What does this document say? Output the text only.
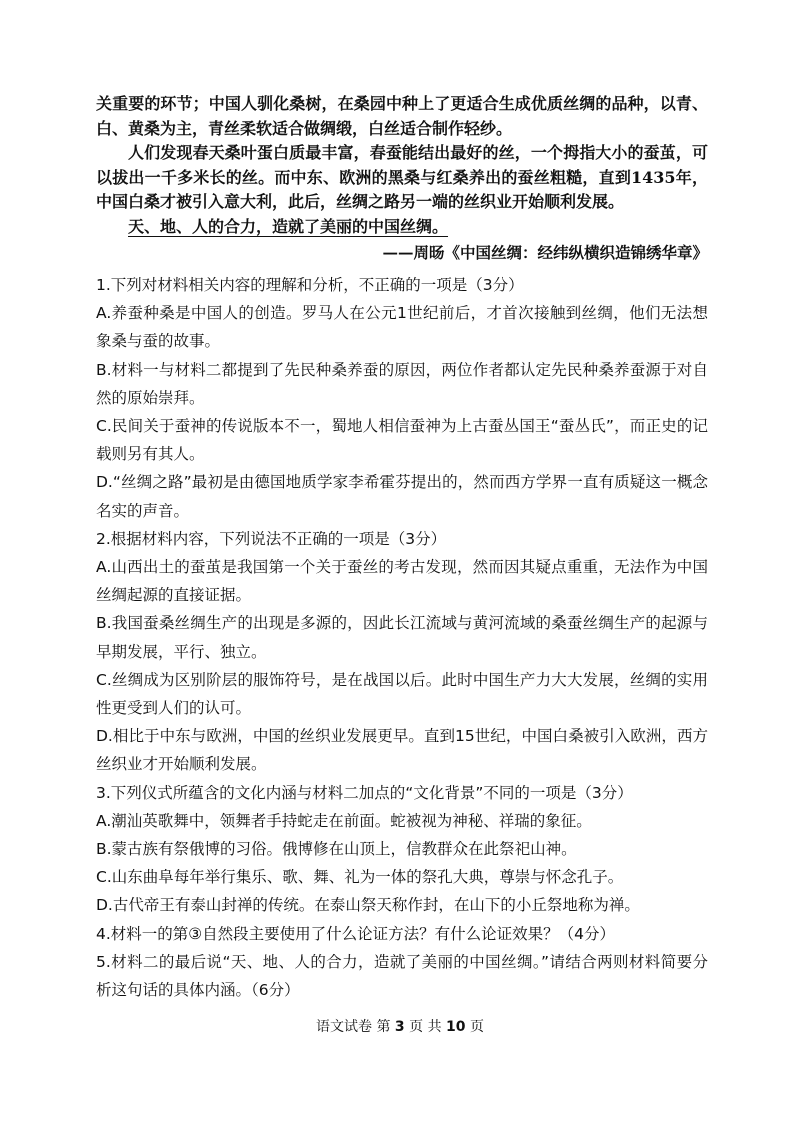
关重要的环节；中国人驯化桑树，在桑园中种上了更适合生成优质丝绸的品种，以青、白、黄桑为主，青丝柔软适合做绸缎，白丝适合制作轻纱。

人们发现春天桑叶蛋白质最丰富，春蚕能结出最好的丝，一个拇指大小的蚕茧，可以拔出一千多米长的丝。而中东、欧洲的黑桑与红桑养出的蚕丝粗糙，直到1435年，中国白桑才被引入意大利，此后，丝绸之路另一端的丝织业开始顺利发展。

天、地、人的合力，造就了美丽的中国丝绸。

——周旸《中国丝绸：经纬纵横织造锦绣华章》

1.下列对材料相关内容的理解和分析，不正确的一项是（3分）

A.养蚕种桑是中国人的创造。罗马人在公元1世纪前后，才首次接触到丝绸，他们无法想象桑与蚕的故事。

B.材料一与材料二都提到了先民种桑养蚕的原因，两位作者都认定先民种桑养蚕源于对自然的原始崇拜。

C.民间关于蚕神的传说版本不一，蜀地人相信蚕神为上古蚕丛国王“蚕丛氏”，而正史的记载则另有其人。

D.“丝绸之路”最初是由德国地质学家李希霍芬提出的，然而西方学界一直有质疑这一概念名实的声音。

2.根据材料内容，下列说法不正确的一项是（3分）

A.山西出土的蚕茧是我国第一个关于蚕丝的考古发现，然而因其疑点重重，无法作为中国丝绸起源的直接证据。

B.我国蚕桑丝绸生产的出现是多源的，因此长江流域与黄河流域的桑蚕丝绸生产的起源与早期发展，平行、独立。

C.丝绸成为区别阶层的服饰符号，是在战国以后。此时中国生产力大大发展，丝绸的实用性更受到人们的认可。

D.相比于中东与欧洲，中国的丝织业发展更早。直到15世纪，中国白桑被引入欧洲，西方丝织业才开始顺利发展。

3.下列仪式所蕴含的文化内涵与材料二加点的“文化背景”不同的一项是（3分）

A.潮汕英歌舞中，领舞者手持蛇走在前面。蛇被视为神秘、祥瑞的象征。

B.蒙古族有祭俄博的习俗。俄博修在山顶上，信教群众在此祭祀山神。

C.山东曲阜每年举行集乐、歌、舞、礼为一体的祭孔大典，尊崇与怀念孔子。

D.古代帝王有泰山封禅的传统。在泰山祭天称作封，在山下的小丘祭地称为禅。

4.材料一的第③自然段主要使用了什么论证方法？有什么论证效果？（4分）

5.材料二的最后说“天、地、人的合力，造就了美丽的中国丝绸。”请结合两则材料简要分析这句话的具体内涵。（6分）

语文试卷 第 3 页 共 10 页
